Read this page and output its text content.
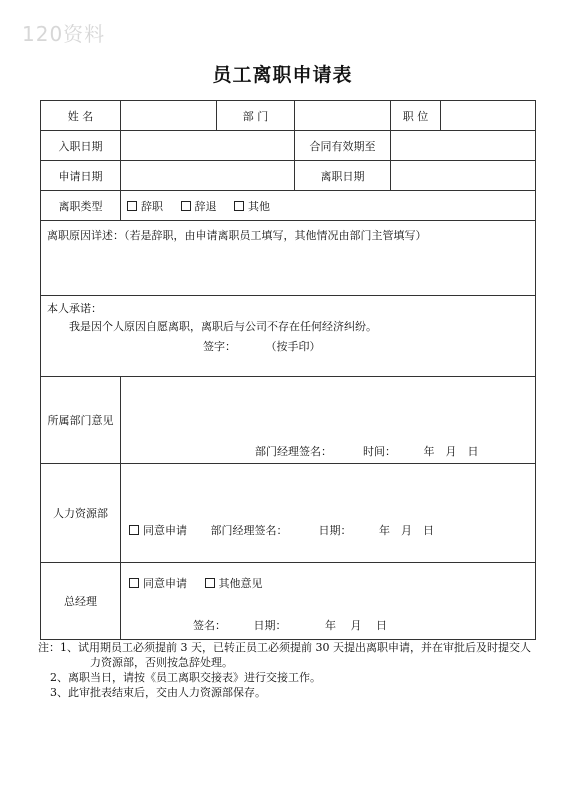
120资料
员工离职申请表
姓 名		部 门		职 位	
入职日期			合同有效期至		
申请日期			离职日期		
离职类型	辞职 辞退 其他				
离职原因详述：（若是辞职，由申请离职员工填写，其他情况由部门主管填写）					

本人承诺：
我是因个人原因自愿离职，离职后与公司不存在任何经济纠纷。
签字： （按手印）					

所属部门意见	部门经理签名：　　　 时间：　　　年　月　日				

人力资源部	同意申请 部门经理签名：　　　 日期：　　　年　月　日				

总经理	同意申请 其他意见
签名：　　　日期：　　　　年　 月　 日				
注：1、试用期员工必须提前 3 天，已转正员工必须提前 30 天提出离职申请，并在审批后及时提交人
力资源部，否则按急辞处理。
2、离职当日，请按《员工离职交接表》进行交接工作。
3、此审批表结束后，交由人力资源部保存。
